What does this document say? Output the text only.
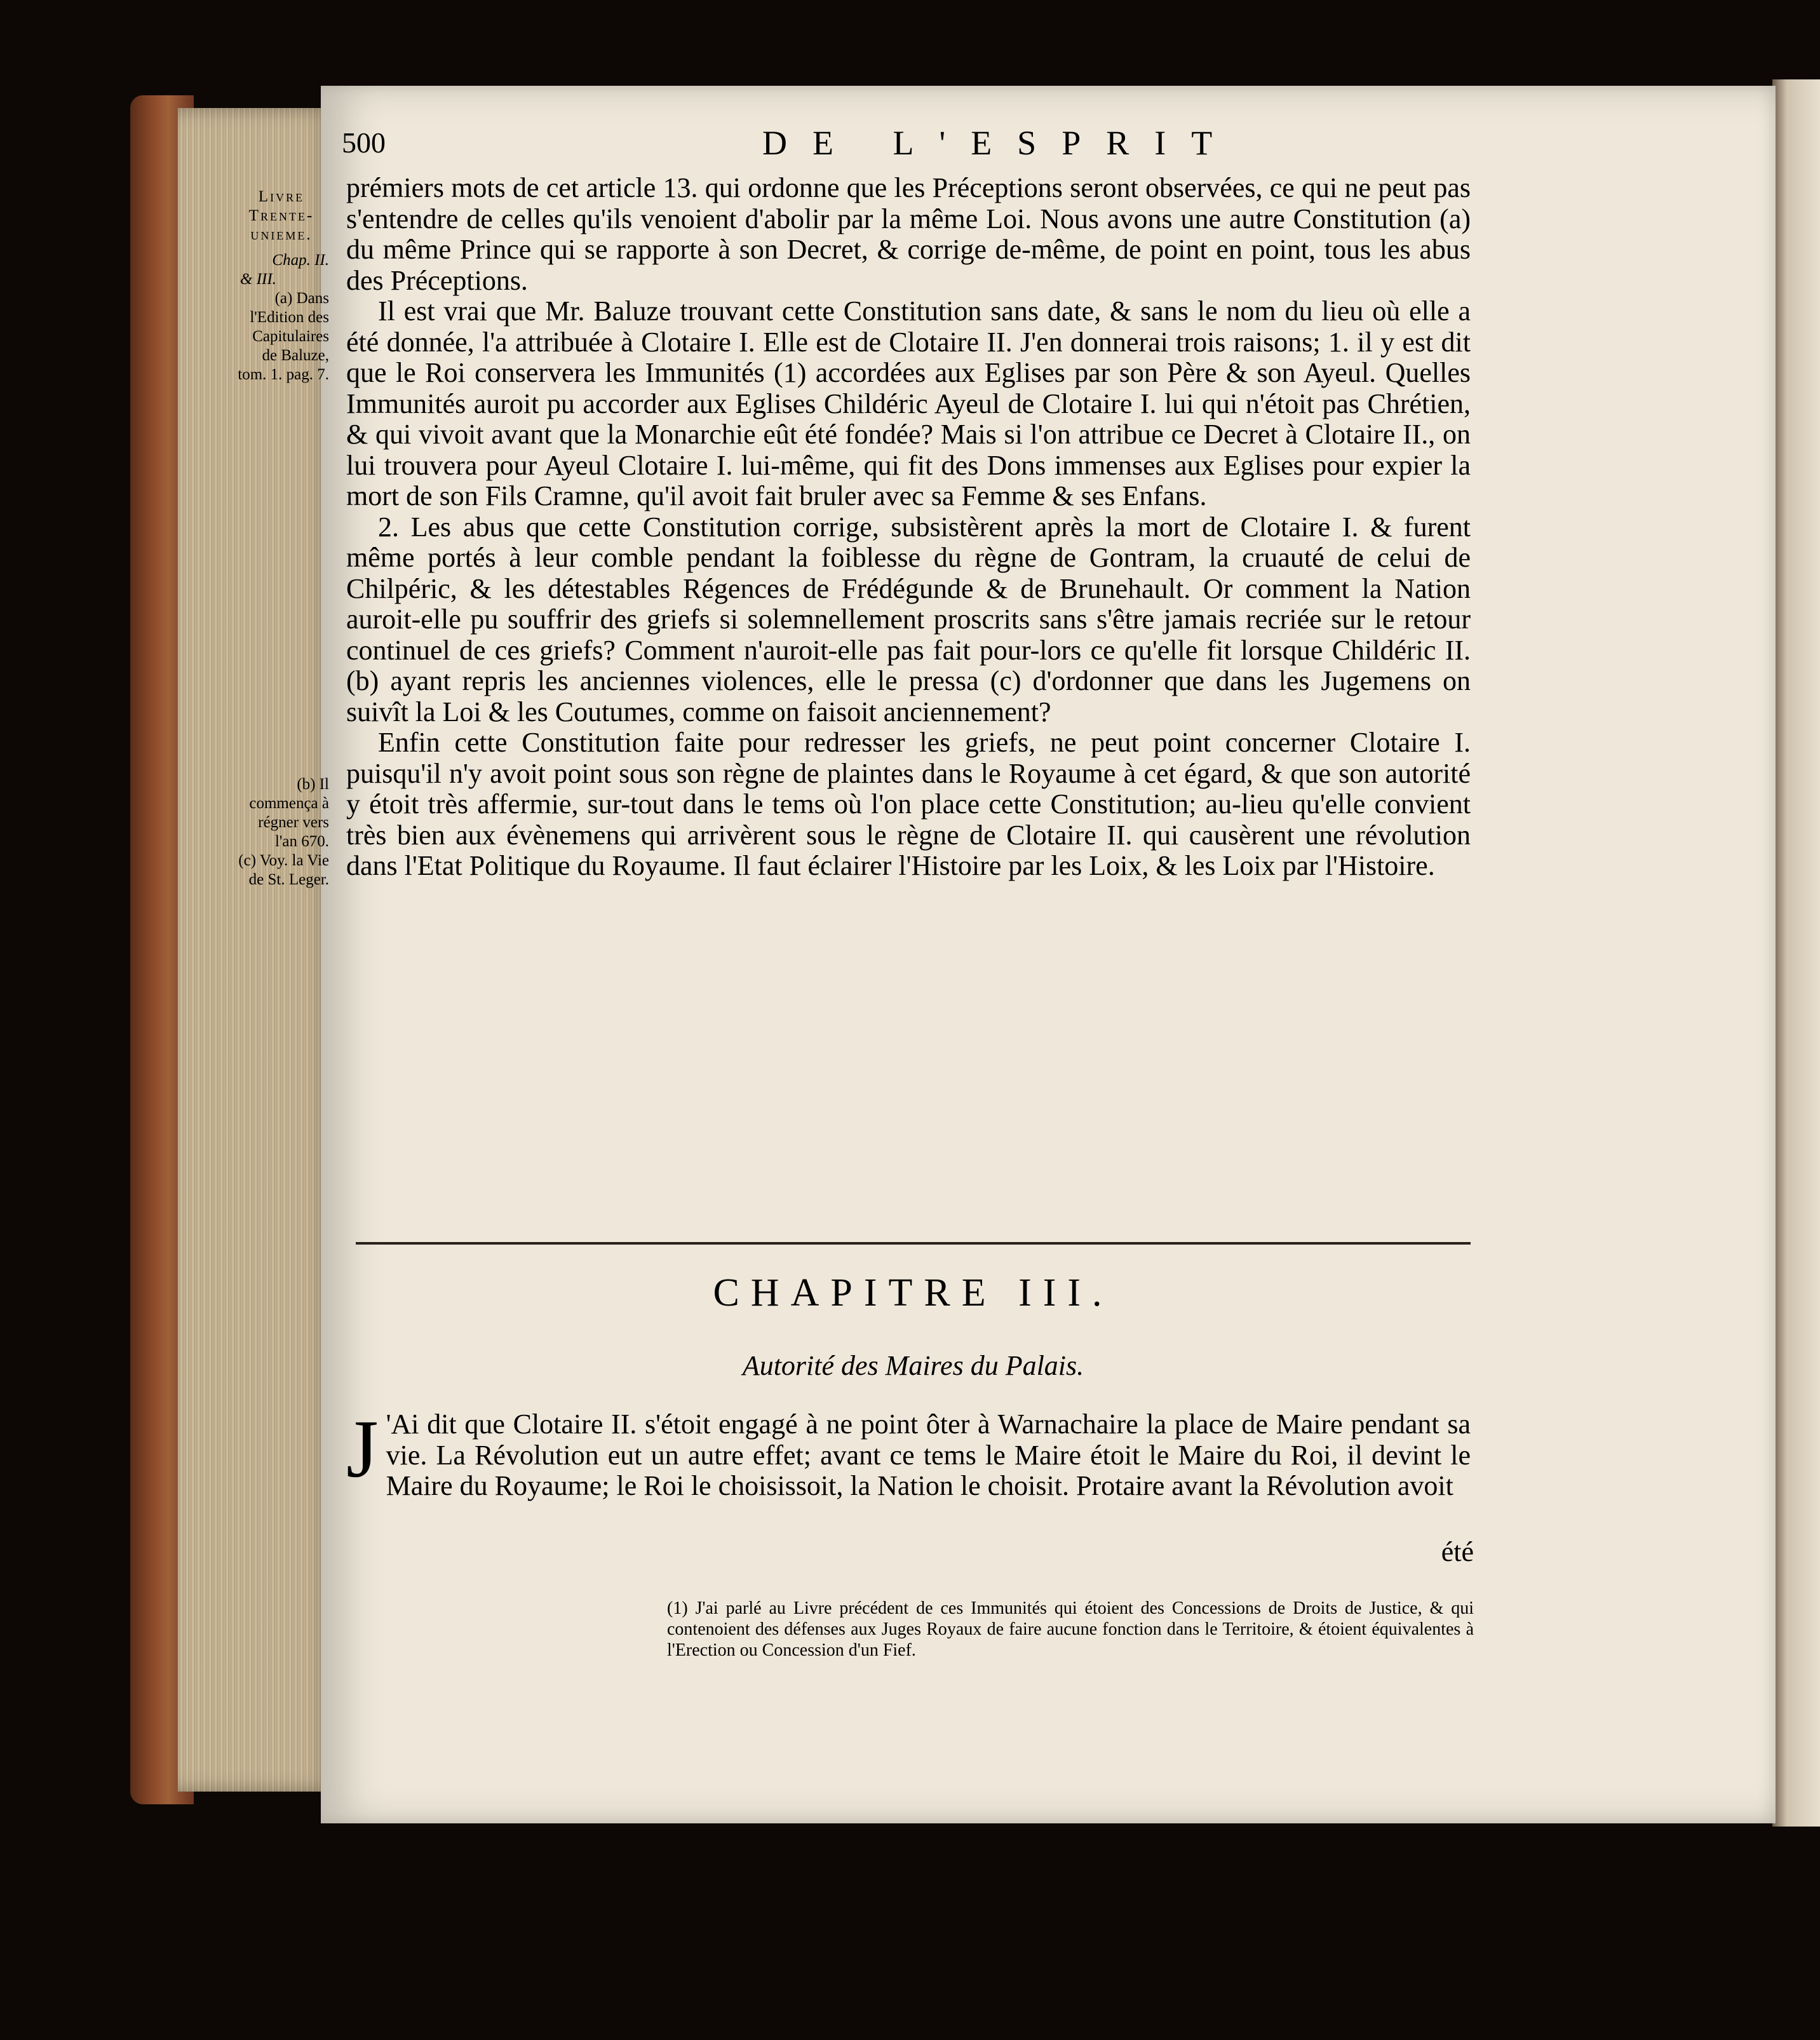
500	DE L'ESPRIT

Livre

Trente-

unieme.

Chap. II.

& III.

(a) Dans l'Edition des Capitulaires de Baluze, tom. 1. pag. 7.

(b) Il commença à régner vers l'an 670.

(c) Voy. la Vie de St. Leger.

prémiers mots de cet article 13. qui ordonne que les Préceptions seront observées, ce qui ne peut pas s'entendre de celles qu'ils venoient d'abolir par la même Loi. Nous avons une autre Constitution (a) du même Prince qui se rapporte à son Decret, & corrige de-même, de point en point, tous les abus des Préceptions.

Il est vrai que Mr. Baluze trouvant cette Constitution sans date, & sans le nom du lieu où elle a été donnée, l'a attribuée à Clotaire I. Elle est de Clotaire II. J'en donnerai trois raisons; 1. il y est dit que le Roi conservera les Immunités (1) accordées aux Eglises par son Père & son Ayeul. Quelles Immunités auroit pu accorder aux Eglises Childéric Ayeul de Clotaire I. lui qui n'étoit pas Chrétien, & qui vivoit avant que la Monarchie eût été fondée? Mais si l'on attribue ce Decret à Clotaire II., on lui trouvera pour Ayeul Clotaire I. lui-même, qui fit des Dons immenses aux Eglises pour expier la mort de son Fils Cramne, qu'il avoit fait bruler avec sa Femme & ses Enfans.

2. Les abus que cette Constitution corrige, subsistèrent après la mort de Clotaire I. & furent même portés à leur comble pendant la foiblesse du règne de Gontram, la cruauté de celui de Chilpéric, & les détestables Régences de Frédégunde & de Brunehault. Or comment la Nation auroit-elle pu souffrir des griefs si solemnellement proscrits sans s'être jamais recriée sur le retour continuel de ces griefs? Comment n'auroit-elle pas fait pour-lors ce qu'elle fit lorsque Childéric II. (b) ayant repris les anciennes violences, elle le pressa (c) d'ordonner que dans les Jugemens on suivît la Loi & les Coutumes, comme on faisoit anciennement?

Enfin cette Constitution faite pour redresser les griefs, ne peut point concerner Clotaire I. puisqu'il n'y avoit point sous son règne de plaintes dans le Royaume à cet égard, & que son autorité y étoit très affermie, sur-tout dans le tems où l'on place cette Constitution; au-lieu qu'elle convient très bien aux évènemens qui arrivèrent sous le règne de Clotaire II. qui causèrent une révolution dans l'Etat Politique du Royaume. Il faut éclairer l'Histoire par les Loix, & les Loix par l'Histoire.

CHAPITRE III.
Autorité des Maires du Palais.
J 'Ai dit que Clotaire II. s'étoit engagé à ne point ôter à Warnachaire la place de Maire pendant sa vie. La Révolution eut un autre effet; avant ce tems le Maire étoit le Maire du Roi, il devint le Maire du Royaume; le Roi le choisissoit, la Nation le choisit. Protaire avant la Révolution avoit
été
(1) J'ai parlé au Livre précédent de ces Immunités qui étoient des Concessions de Droits de Justice, & qui contenoient des défenses aux Juges Royaux de faire aucune fonction dans le Territoire, & étoient équivalentes à l'Erection ou Concession d'un Fief.
